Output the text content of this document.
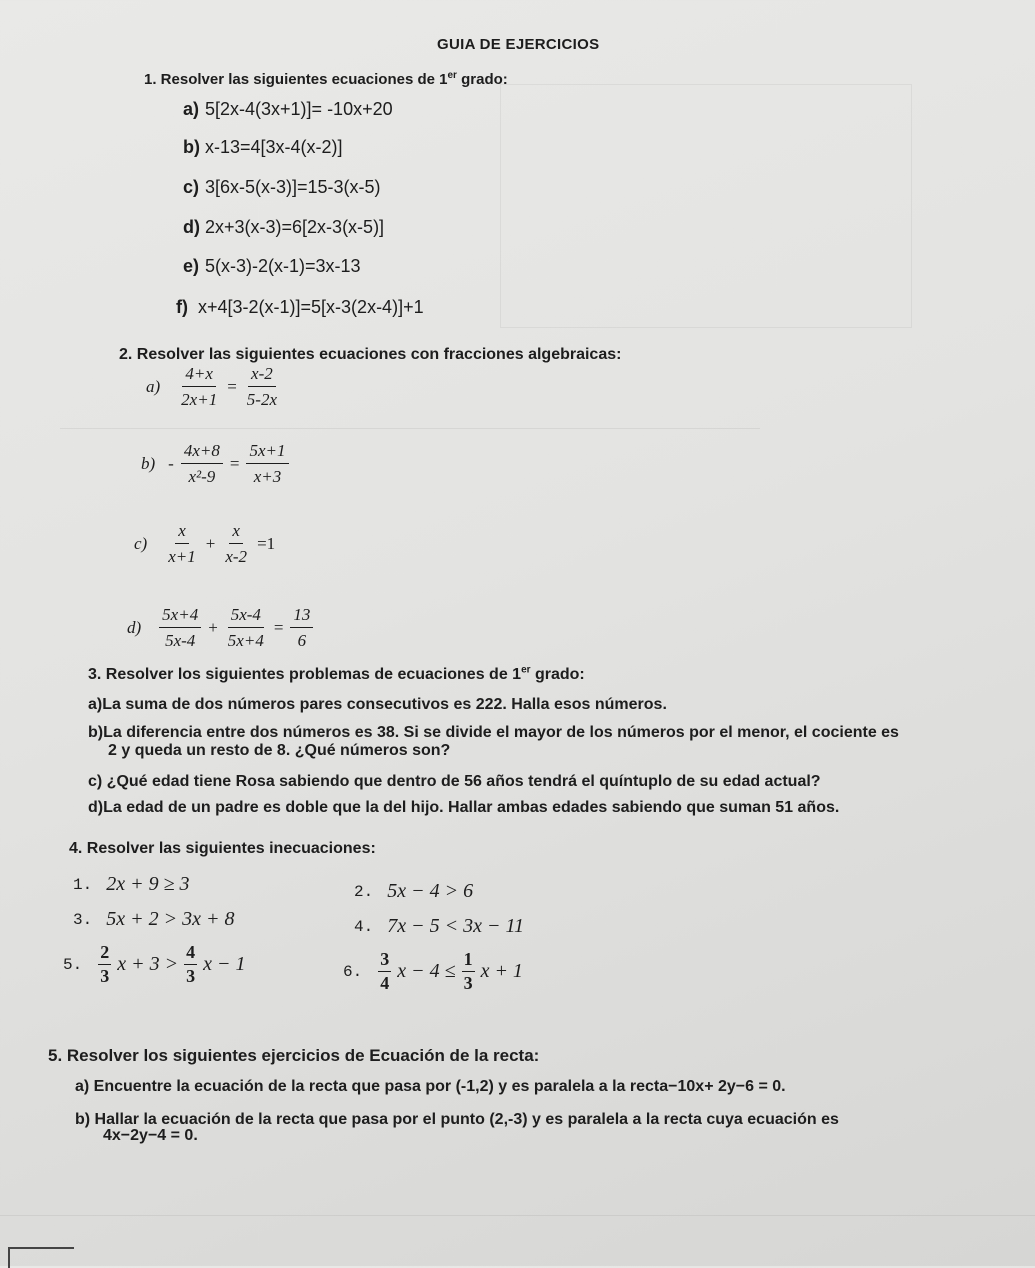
GUIA DE EJERCICIOS
1. Resolver las siguientes ecuaciones de 1er grado:
a) 5[2x-4(3x+1)]= -10x+20
b) x-13=4[3x-4(x-2)]
c) 3[6x-5(x-3)]=15-3(x-5)
d) 2x+3(x-3)=6[2x-3(x-5)]
e) 5(x-3)-2(x-1)=3x-13
f) x+4[3-2(x-1)]=5[x-3(2x-4)]+1
2. Resolver las siguientes ecuaciones con fracciones algebraicas:
$a) \frac{4+x}{2x+1} = \frac{x-2}{5-2x}$
$b) - \frac{4x+8}{\text{x²-9}} = \frac{5x+1}{x+3}$
$c) \frac{x}{x+1} + \frac{x}{x-2} =1$
$d) \frac{5x+4}{5x-4} + \frac{5x-4}{5x+4} = \frac{13}{6}$
3. Resolver los siguientes problemas de ecuaciones de 1er grado:
a)La suma de dos números pares consecutivos es 222. Halla esos números.
b)La diferencia entre dos números es 38. Si se divide el mayor de los números por el menor, el cociente es
2 y queda un resto de 8. ¿Qué números son?
c) ¿Qué edad tiene Rosa sabiendo que dentro de 56 años tendrá el quíntuplo de su edad actual?
d)La edad de un padre es doble que la del hijo. Hallar ambas edades sabiendo que suman 51 años.
4. Resolver las siguientes inecuaciones:
1. 2x + 9 ≥ 3	2. 5x − 4 > 6
3. 5x + 2 > 3x + 8	4. 7x − 5 < 3x − 11
5. $\frac{2}{3}$ $x + 3 > \frac{4}{3}$ x − 1	6. $\frac{3}{4}$ $x - 4 \le \frac{1}{3}$ x + 1
5. Resolver los siguientes ejercicios de Ecuación de la recta:
a) Encuentre la ecuación de la recta que pasa por (-1,2) y es paralela a la recta−10x+ 2y−6 = 0.
b) Hallar la ecuación de la recta que pasa por el punto (2,-3) y es paralela a la recta cuya ecuación es
4x−2y−4 = 0.
